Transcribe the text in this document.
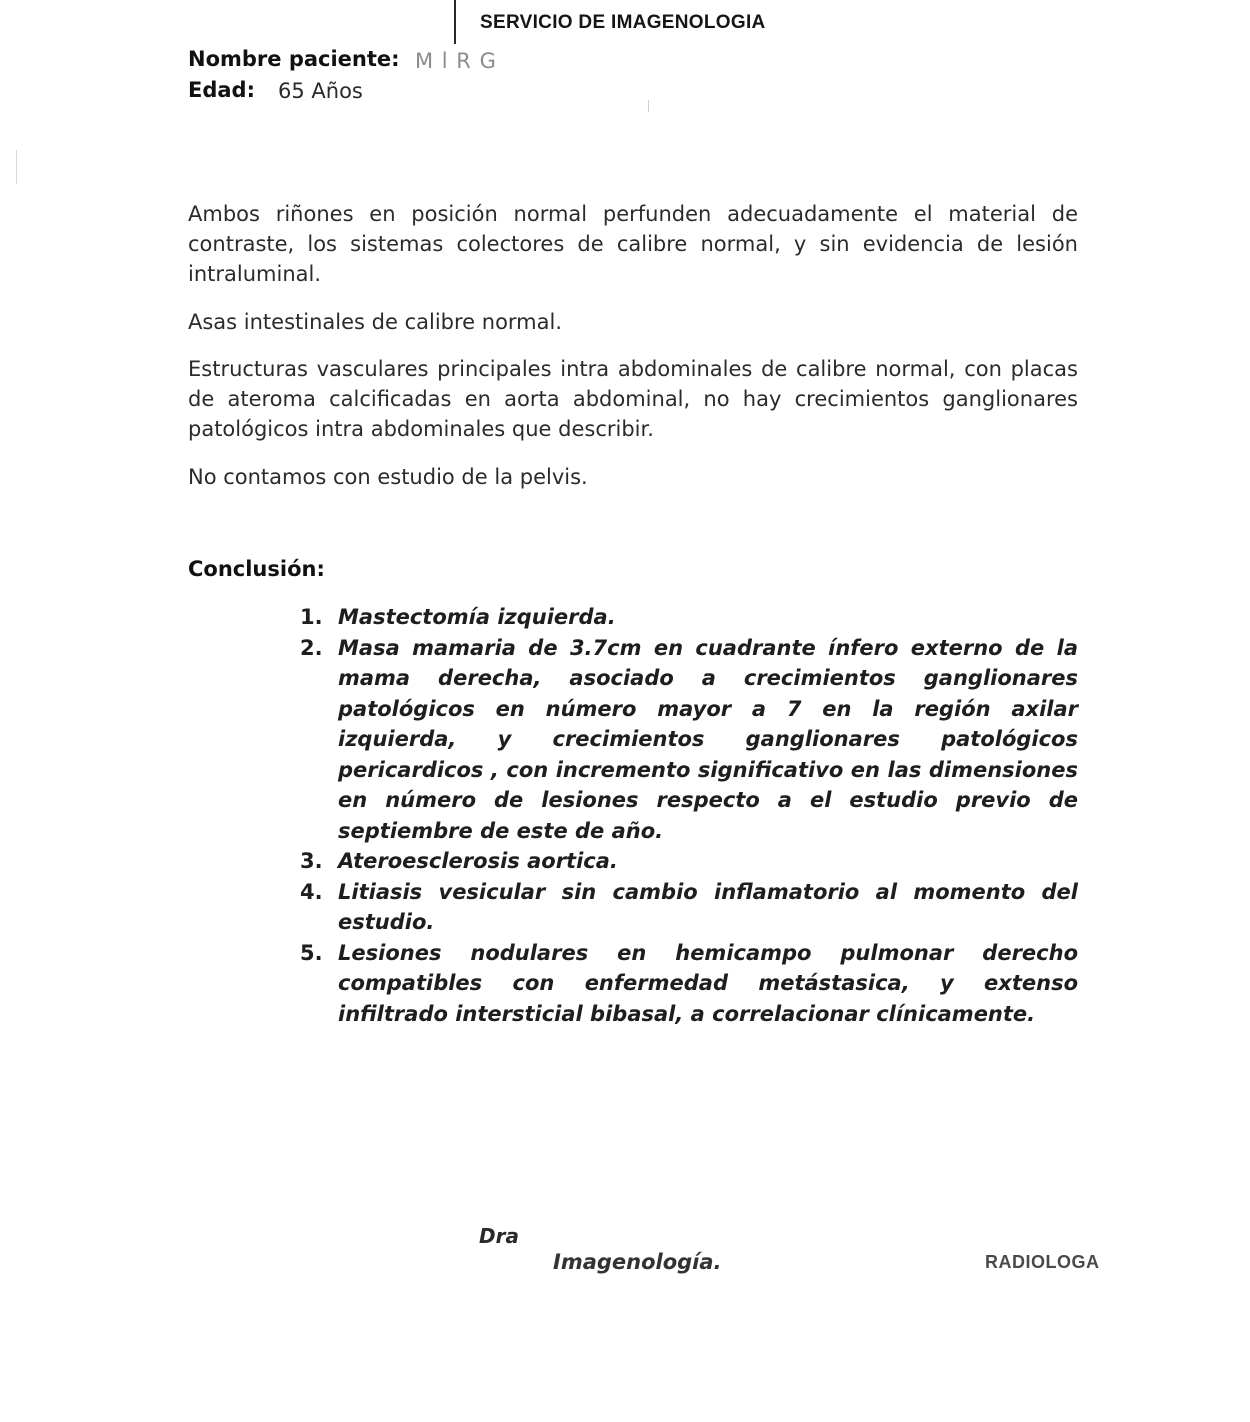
SERVICIO DE IMAGENOLOGIA
Nombre paciente: M l R G
Edad: 65 Años
Ambos riñones en posición normal perfunden adecuadamente el material de contraste, los sistemas colectores de calibre normal, y sin evidencia de lesión intraluminal.
Asas intestinales de calibre normal.
Estructuras vasculares principales intra abdominales de calibre normal, con placas de ateroma calcificadas en aorta abdominal, no hay crecimientos ganglionares patológicos intra abdominales que describir.
No contamos con estudio de la pelvis.
Conclusión:
1. Mastectomía izquierda.
2. Masa mamaria de 3.7cm en cuadrante ínfero externo de la mama derecha, asociado a crecimientos ganglionares patológicos en número mayor a 7 en la región axilar izquierda, y crecimientos ganglionares patológicos pericardicos , con incremento significativo en las dimensiones en número de lesiones respecto a el estudio previo de septiembre de este de año.
3. Ateroesclerosis aortica.
4. Litiasis vesicular sin cambio inflamatorio al momento del estudio.
5. Lesiones nodulares en hemicampo pulmonar derecho compatibles con enfermedad metástasica, y extenso infiltrado intersticial bibasal, a correlacionar clínicamente.
Dra
Imagenología.	RADIOLOGA
